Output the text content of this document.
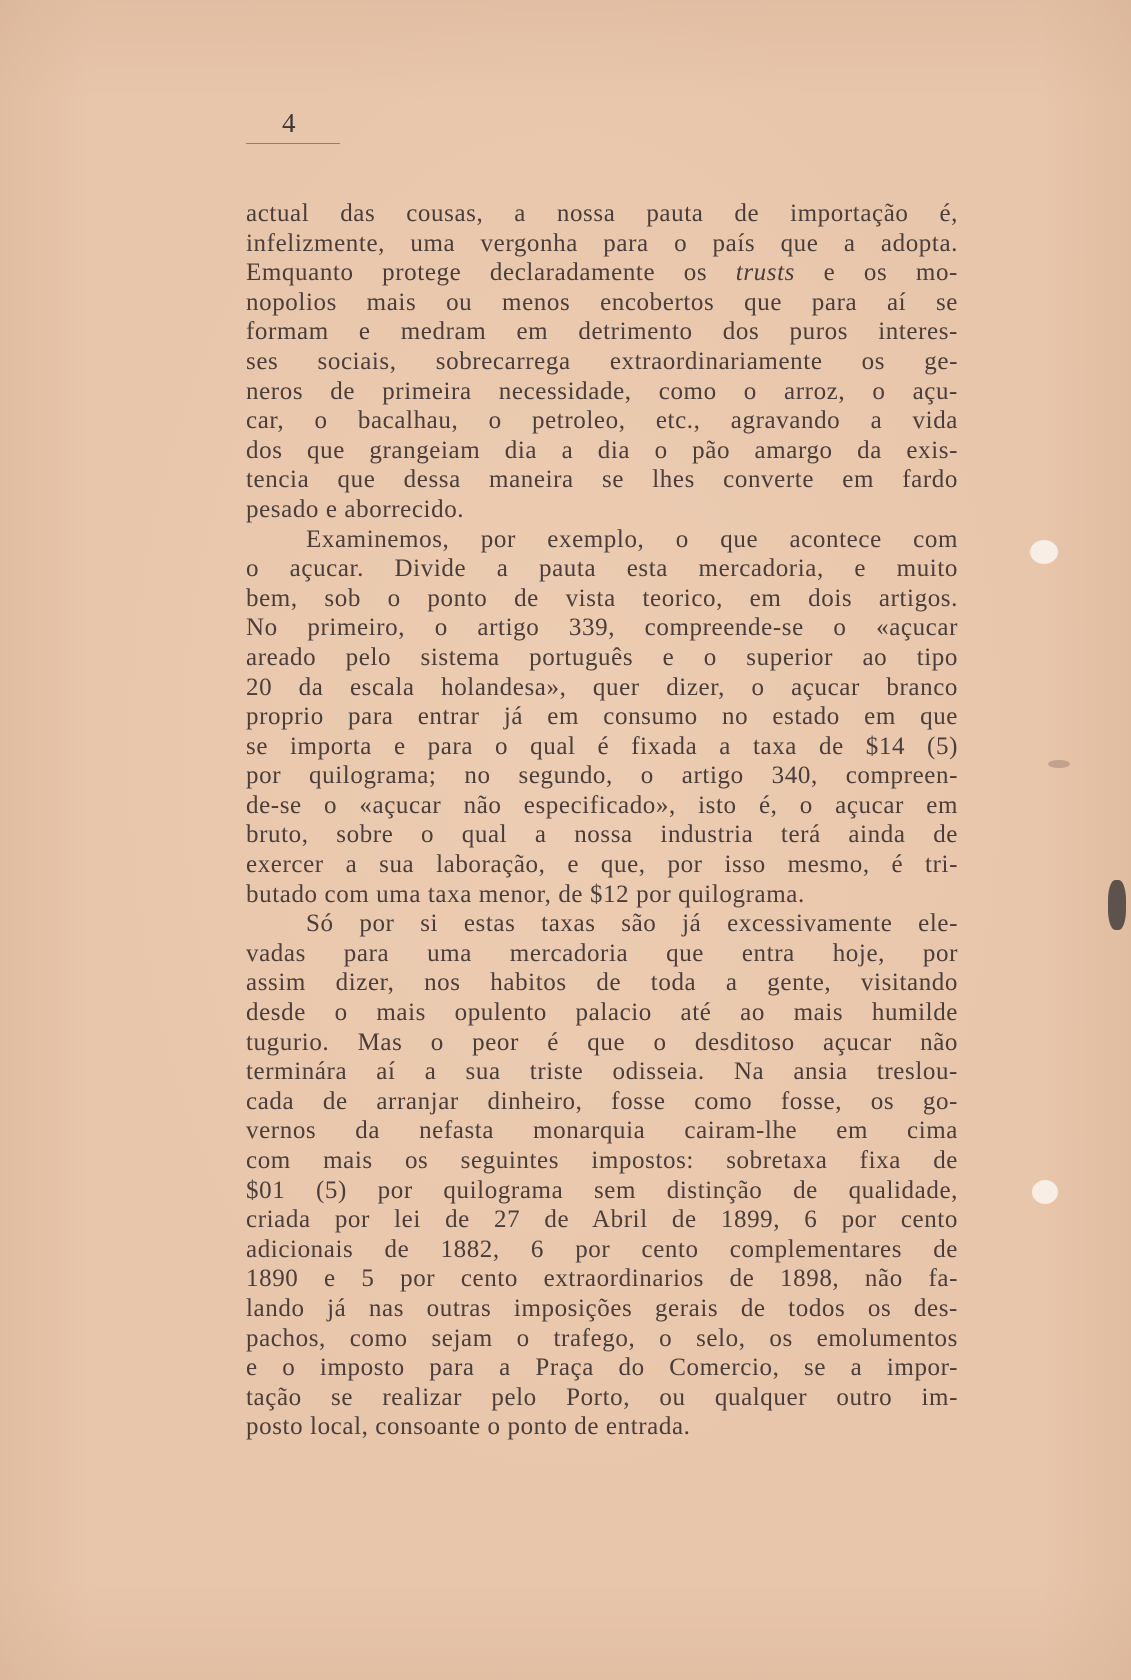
4
actual das cousas, a nossa pauta de importação é,
infelizmente, uma vergonha para o país que a adopta.
Emquanto protege declaradamente os trusts e os mo-
nopolios mais ou menos encobertos que para aí se
formam e medram em detrimento dos puros interes-
ses sociais, sobrecarrega extraordinariamente os ge-
neros de primeira necessidade, como o arroz, o açu-
car, o bacalhau, o petroleo, etc., agravando a vida
dos que grangeiam dia a dia o pão amargo da exis-
tencia que dessa maneira se lhes converte em fardo
pesado e aborrecido.
Examinemos, por exemplo, o que acontece com
o açucar. Divide a pauta esta mercadoria, e muito
bem, sob o ponto de vista teorico, em dois artigos.
No primeiro, o artigo 339, compreende-se o «açucar
areado pelo sistema português e o superior ao tipo
20 da escala holandesa», quer dizer, o açucar branco
proprio para entrar já em consumo no estado em que
se importa e para o qual é fixada a taxa de $14 (5)
por quilograma; no segundo, o artigo 340, compreen-
de-se o «açucar não especificado», isto é, o açucar em
bruto, sobre o qual a nossa industria terá ainda de
exercer a sua laboração, e que, por isso mesmo, é tri-
butado com uma taxa menor, de $12 por quilograma.
Só por si estas taxas são já excessivamente ele-
vadas para uma mercadoria que entra hoje, por
assim dizer, nos habitos de toda a gente, visitando
desde o mais opulento palacio até ao mais humilde
tugurio. Mas o peor é que o desditoso açucar não
terminára aí a sua triste odisseia. Na ansia treslou-
cada de arranjar dinheiro, fosse como fosse, os go-
vernos da nefasta monarquia cairam-lhe em cima
com mais os seguintes impostos: sobretaxa fixa de
$01 (5) por quilograma sem distinção de qualidade,
criada por lei de 27 de Abril de 1899, 6 por cento
adicionais de 1882, 6 por cento complementares de
1890 e 5 por cento extraordinarios de 1898, não fa-
lando já nas outras imposições gerais de todos os des-
pachos, como sejam o trafego, o selo, os emolumentos
e o imposto para a Praça do Comercio, se a impor-
tação se realizar pelo Porto, ou qualquer outro im-
posto local, consoante o ponto de entrada.
